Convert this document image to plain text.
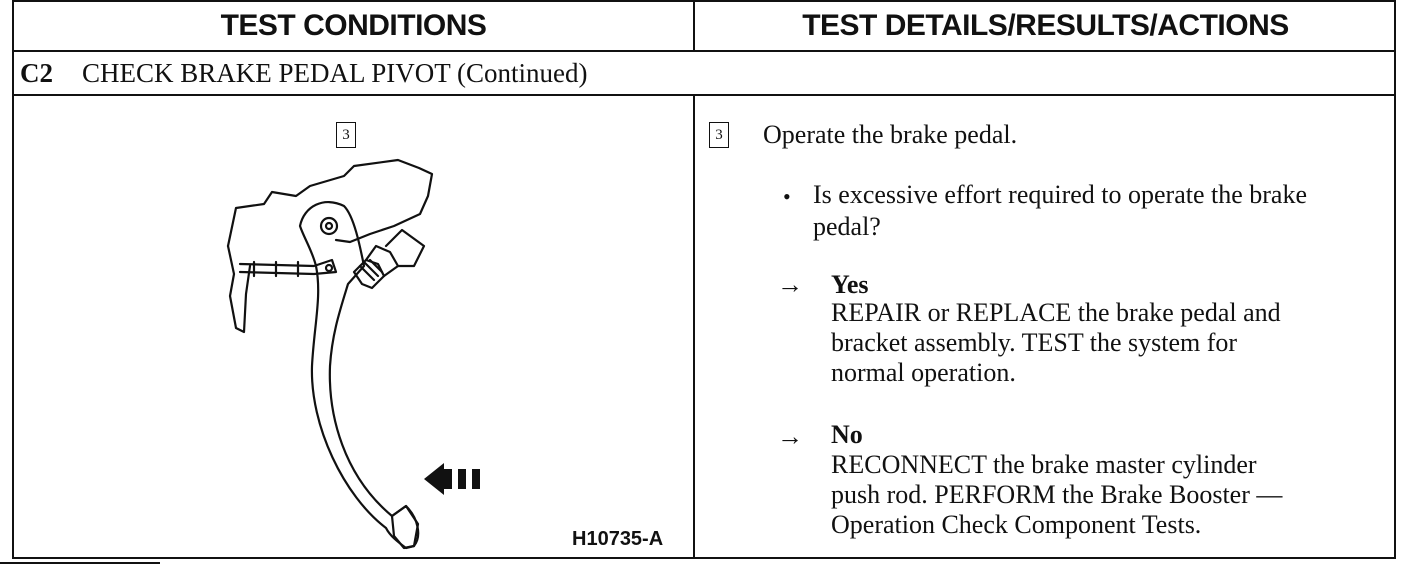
TEST CONDITIONS	TEST DETAILS/RESULTS/ACTIONS
C2	CHECK BRAKE PEDAL PIVOT (Continued)
3
H10735-A
3 Operate the brake pedal.
• Is excessive effort required to operate the brake
pedal?
→ Yes
REPAIR or REPLACE the brake pedal and
bracket assembly. TEST the system for
normal operation.
→ No
RECONNECT the brake master cylinder
push rod. PERFORM the Brake Booster —
Operation Check Component Tests.
